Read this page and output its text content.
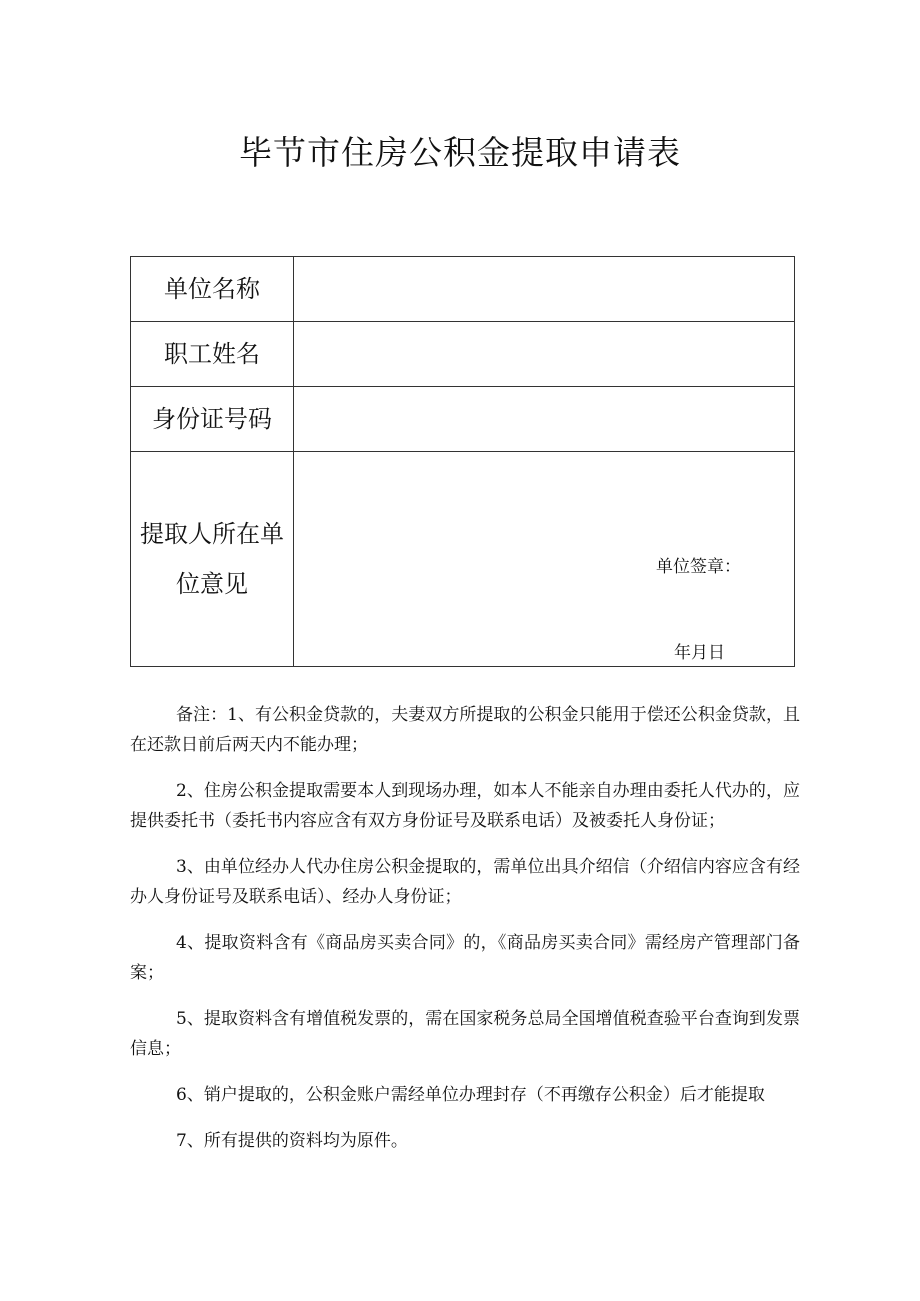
毕节市住房公积金提取申请表
单位名称	
职工姓名	
身份证号码	
提取人所在单位意见	单位签章：
年月日

备注：1、有公积金贷款的，夫妻双方所提取的公积金只能用于偿还公积金贷款，且在还款日前后两天内不能办理；

2、住房公积金提取需要本人到现场办理，如本人不能亲自办理由委托人代办的，应提供委托书（委托书内容应含有双方身份证号及联系电话）及被委托人身份证；

3、由单位经办人代办住房公积金提取的，需单位出具介绍信（介绍信内容应含有经办人身份证号及联系电话）、经办人身份证；

4、提取资料含有《商品房买卖合同》的，《商品房买卖合同》需经房产管理部门备案；

5、提取资料含有增值税发票的，需在国家税务总局全国增值税查验平台查询到发票信息；

6、销户提取的，公积金账户需经单位办理封存（不再缴存公积金）后才能提取

7、所有提供的资料均为原件。
